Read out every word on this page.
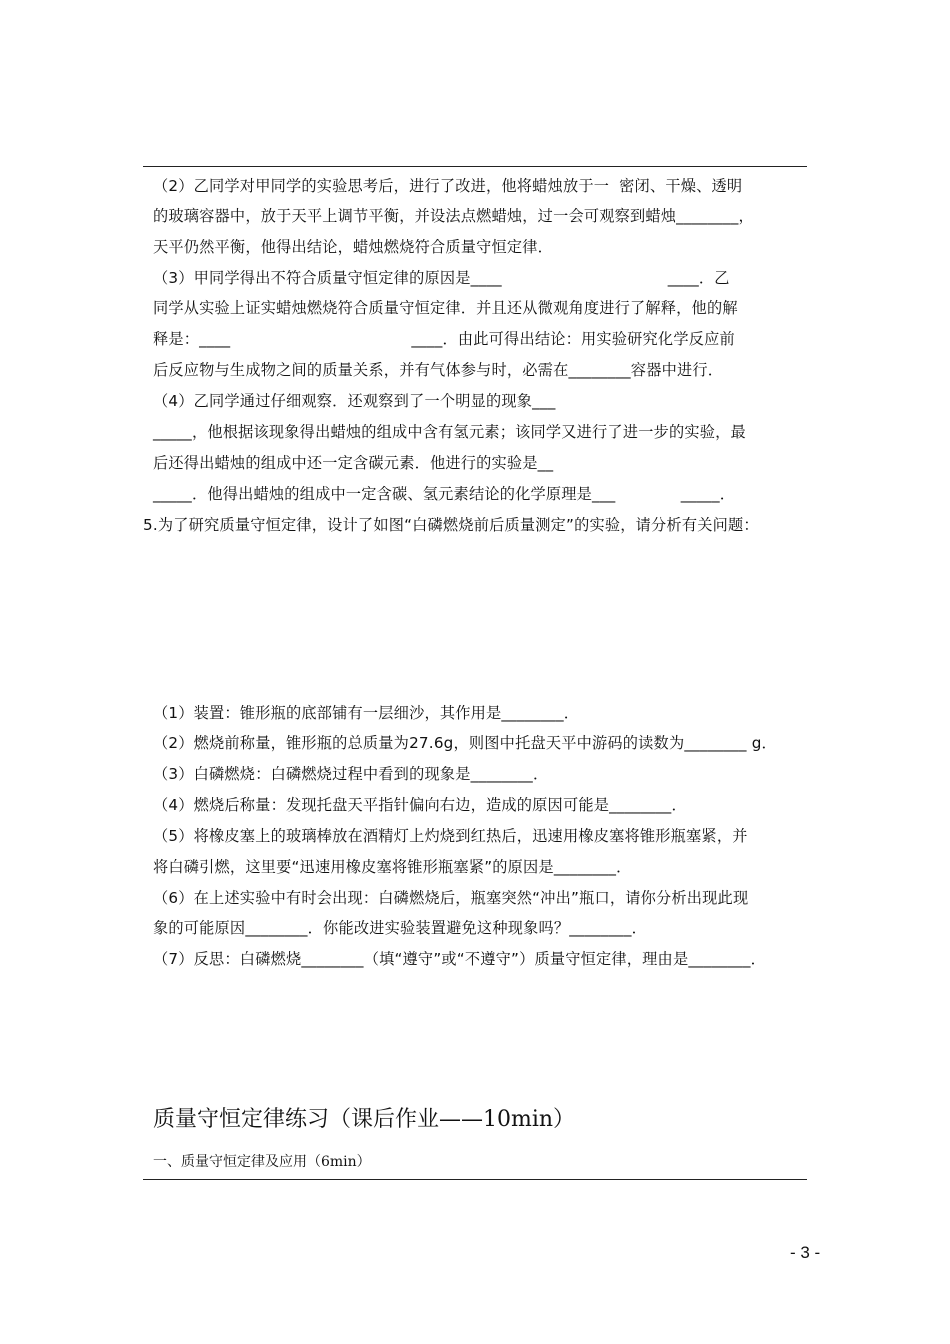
（2）乙同学对甲同学的实验思考后，进行了改进，他将蜡烛放于一  密闭、干燥、透明
的玻璃容器中，放于天平上调节平衡，并设法点燃蜡烛，过一会可观察到蜡烛________，
天平仍然平衡，他得出结论，蜡烛燃烧符合质量守恒定律．
（3）甲同学得出不符合质量守恒定律的原因是____                                 ____．乙
同学从实验上证实蜡烛燃烧符合质量守恒定律．并且还从微观角度进行了解释，他的解
释是：____                                    ____．由此可得出结论：用实验研究化学反应前
后反应物与生成物之间的质量关系，并有气体参与时，必需在________容器中进行．
（4）乙同学通过仔细观察．还观察到了一个明显的现象___
_____，他根据该现象得出蜡烛的组成中含有氢元素；该同学又进行了进一步的实验，最
后还得出蜡烛的组成中还一定含碳元素．他进行的实验是__
_____．他得出蜡烛的组成中一定含碳、氢元素结论的化学原理是___             _____．
5.为了研究质量守恒定律，设计了如图“白磷燃烧前后质量测定”的实验，请分析有关问题：
（1）装置：锥形瓶的底部铺有一层细沙，其作用是________．
（2）燃烧前称量，锥形瓶的总质量为27.6g，则图中托盘天平中游码的读数为________ g．
（3）白磷燃烧：白磷燃烧过程中看到的现象是________．
（4）燃烧后称量：发现托盘天平指针偏向右边，造成的原因可能是________．
（5）将橡皮塞上的玻璃棒放在酒精灯上灼烧到红热后，迅速用橡皮塞将锥形瓶塞紧，并
将白磷引燃，这里要“迅速用橡皮塞将锥形瓶塞紧”的原因是________．
（6）在上述实验中有时会出现：白磷燃烧后，瓶塞突然“冲出”瓶口，请你分析出现此现
象的可能原因________．你能改进实验装置避免这种现象吗？________．
（7）反思：白磷燃烧________（填“遵守”或“不遵守”）质量守恒定律，理由是________．
质量守恒定律练习（课后作业——10min）
一、质量守恒定律及应用（6min）
- 3 -
